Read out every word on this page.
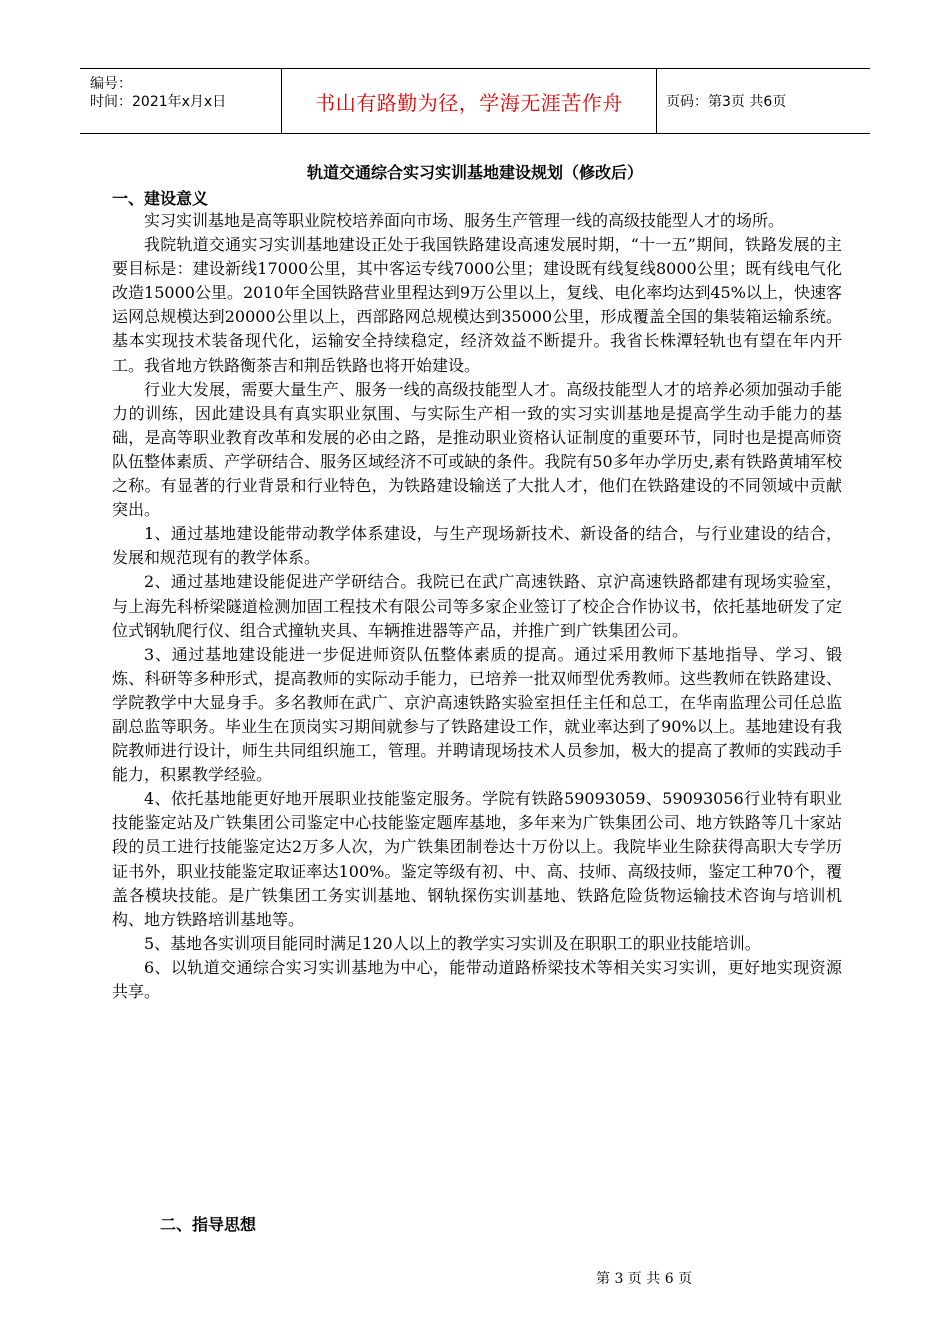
编号：
时间：2021年x月x日	书山有路勤为径，学海无涯苦作舟	页码：第3页 共6页
轨道交通综合实习实训基地建设规划（修改后）
一、建设意义

实习实训基地是高等职业院校培养面向市场、服务生产管理一线的高级技能型人才的场所。

我院轨道交通实习实训基地建设正处于我国铁路建设高速发展时期，“十一五”期间，铁路发展的主要目标是：建设新线17000公里，其中客运专线7000公里；建设既有线复线8000公里；既有线电气化改造15000公里。2010年全国铁路营业里程达到9万公里以上，复线、电化率均达到45%以上，快速客运网总规模达到20000公里以上，西部路网总规模达到35000公里，形成覆盖全国的集装箱运输系统。基本实现技术装备现代化，运输安全持续稳定，经济效益不断提升。我省长株潭轻轨也有望在年内开工。我省地方铁路衡茶吉和荆岳铁路也将开始建设。

行业大发展，需要大量生产、服务一线的高级技能型人才。高级技能型人才的培养必须加强动手能力的训练，因此建设具有真实职业氛围、与实际生产相一致的实习实训基地是提高学生动手能力的基础，是高等职业教育改革和发展的必由之路，是推动职业资格认证制度的重要环节，同时也是提高师资队伍整体素质、产学研结合、服务区域经济不可或缺的条件。我院有50多年办学历史,素有铁路黄埔军校之称。有显著的行业背景和行业特色，为铁路建设输送了大批人才，他们在铁路建设的不同领域中贡献突出。

1、通过基地建设能带动教学体系建设，与生产现场新技术、新设备的结合，与行业建设的结合，发展和规范现有的教学体系。

2、通过基地建设能促进产学研结合。我院已在武广高速铁路、京沪高速铁路都建有现场实验室，与上海先科桥梁隧道检测加固工程技术有限公司等多家企业签订了校企合作协议书，依托基地研发了定位式钢轨爬行仪、组合式撞轨夹具、车辆推进器等产品，并推广到广铁集团公司。

3、通过基地建设能进一步促进师资队伍整体素质的提高。通过采用教师下基地指导、学习、锻炼、科研等多种形式，提高教师的实际动手能力，已培养一批双师型优秀教师。这些教师在铁路建设、学院教学中大显身手。多名教师在武广、京沪高速铁路实验室担任主任和总工，在华南监理公司任总监副总监等职务。毕业生在顶岗实习期间就参与了铁路建设工作，就业率达到了90%以上。基地建设有我院教师进行设计，师生共同组织施工，管理。并聘请现场技术人员参加，极大的提高了教师的实践动手能力，积累教学经验。

4、依托基地能更好地开展职业技能鉴定服务。学院有铁路59093059、59093056行业特有职业技能鉴定站及广铁集团公司鉴定中心技能鉴定题库基地，多年来为广铁集团公司、地方铁路等几十家站段的员工进行技能鉴定达2万多人次，为广铁集团制卷达十万份以上。我院毕业生除获得高职大专学历证书外，职业技能鉴定取证率达100%。鉴定等级有初、中、高、技师、高级技师，鉴定工种70个，覆盖各模块技能。是广铁集团工务实训基地、钢轨探伤实训基地、铁路危险货物运输技术咨询与培训机构、地方铁路培训基地等。

5、基地各实训项目能同时满足120人以上的教学实习实训及在职职工的职业技能培训。

6、以轨道交通综合实习实训基地为中心，能带动道路桥梁技术等相关实习实训，更好地实现资源共享。

二、指导思想
第 3 页 共 6 页
